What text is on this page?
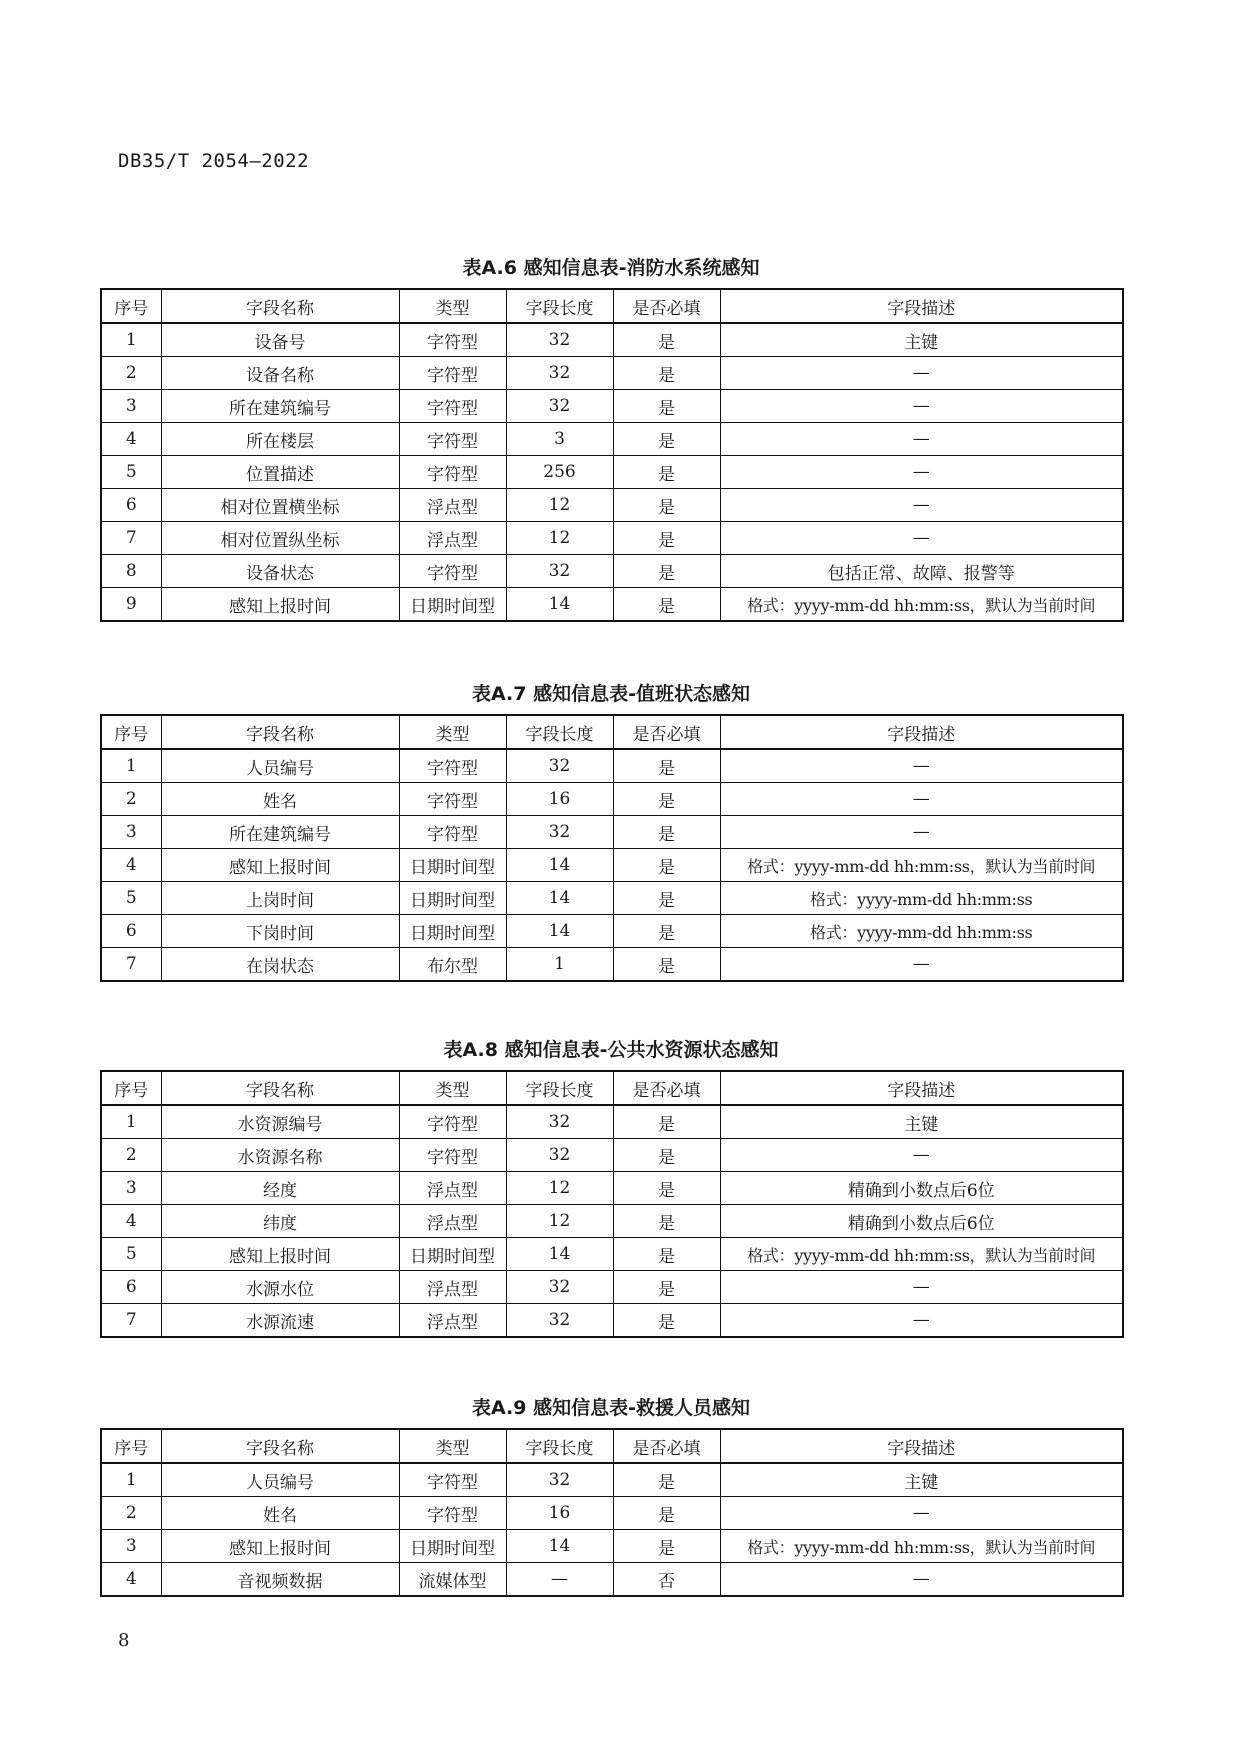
DB35/T 2054—2022
表A.6 感知信息表-消防水系统感知
序号	字段名称	类型	字段长度	是否必填	字段描述
1	设备号	字符型	32	是	主键
2	设备名称	字符型	32	是	—
3	所在建筑编号	字符型	32	是	—
4	所在楼层	字符型	3	是	—
5	位置描述	字符型	256	是	—
6	相对位置横坐标	浮点型	12	是	—
7	相对位置纵坐标	浮点型	12	是	—
8	设备状态	字符型	32	是	包括正常、故障、报警等
9	感知上报时间	日期时间型	14	是	格式：yyyy-mm-dd hh:mm:ss，默认为当前时间
表A.7 感知信息表-值班状态感知
序号	字段名称	类型	字段长度	是否必填	字段描述
1	人员编号	字符型	32	是	—
2	姓名	字符型	16	是	—
3	所在建筑编号	字符型	32	是	—
4	感知上报时间	日期时间型	14	是	格式：yyyy-mm-dd hh:mm:ss，默认为当前时间
5	上岗时间	日期时间型	14	是	格式：yyyy-mm-dd hh:mm:ss
6	下岗时间	日期时间型	14	是	格式：yyyy-mm-dd hh:mm:ss
7	在岗状态	布尔型	1	是	—
表A.8 感知信息表-公共水资源状态感知
序号	字段名称	类型	字段长度	是否必填	字段描述
1	水资源编号	字符型	32	是	主键
2	水资源名称	字符型	32	是	—
3	经度	浮点型	12	是	精确到小数点后6位
4	纬度	浮点型	12	是	精确到小数点后6位
5	感知上报时间	日期时间型	14	是	格式：yyyy-mm-dd hh:mm:ss，默认为当前时间
6	水源水位	浮点型	32	是	—
7	水源流速	浮点型	32	是	—
表A.9 感知信息表-救援人员感知
序号	字段名称	类型	字段长度	是否必填	字段描述
1	人员编号	字符型	32	是	主键
2	姓名	字符型	16	是	—
3	感知上报时间	日期时间型	14	是	格式：yyyy-mm-dd hh:mm:ss，默认为当前时间
4	音视频数据	流媒体型	—	否	—
8
